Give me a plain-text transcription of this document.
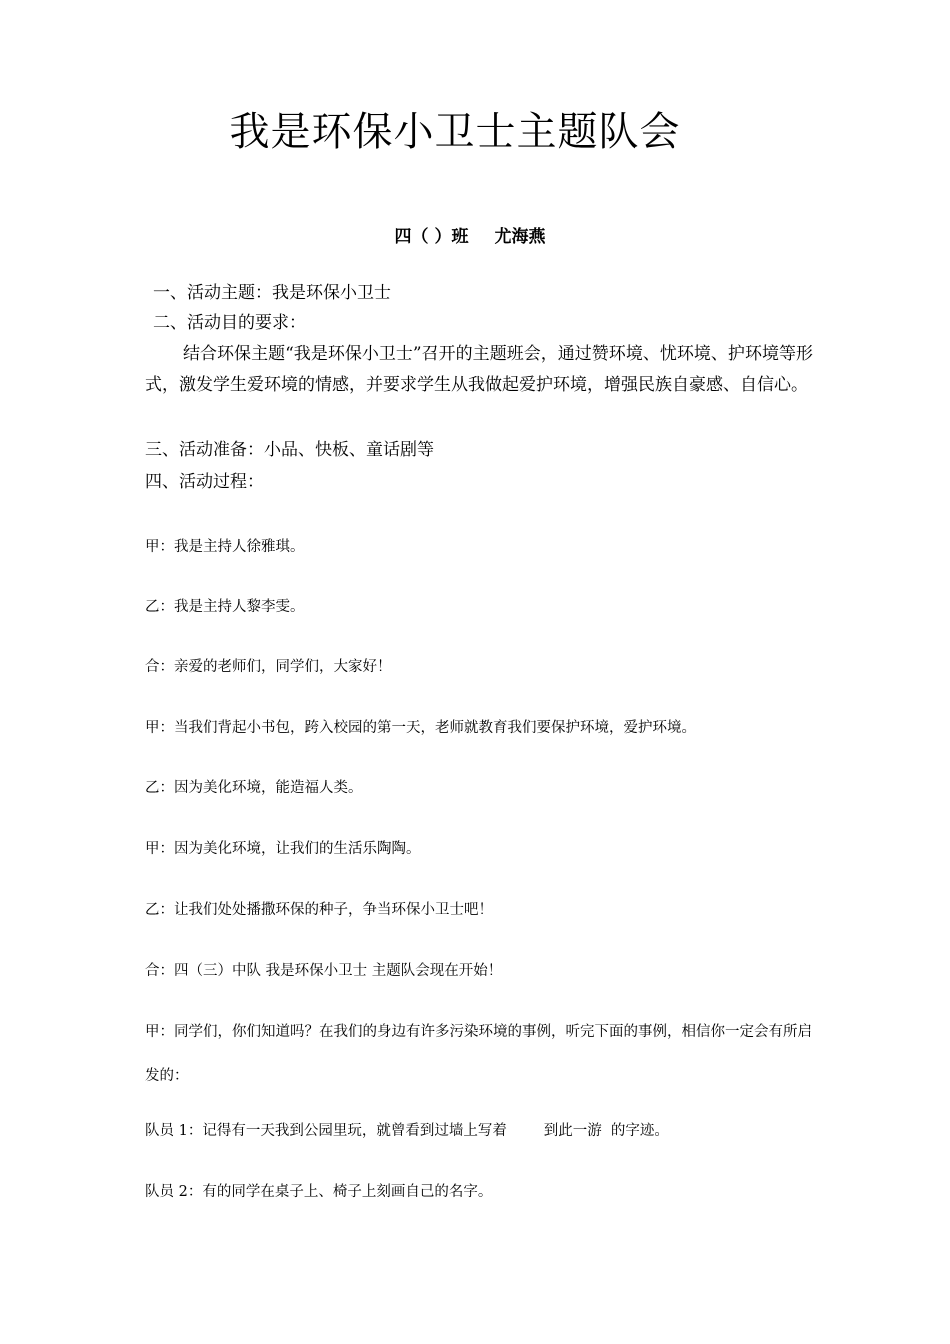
我是环保小卫士主题队会
四（ ）班 尤海燕
一、活动主题：我是环保小卫士
二、活动目的要求：
结合环保主题“我是环保小卫士”召开的主题班会，通过赞环境、忧环境、护环境等形式，激发学生爱环境的情感，并要求学生从我做起爱护环境，增强民族自豪感、自信心。
三、活动准备：小品、快板、童话剧等
四、活动过程：
甲：我是主持人徐雅琪。
乙：我是主持人黎李雯。
合：亲爱的老师们，同学们，大家好！
甲：当我们背起小书包，跨入校园的第一天，老师就教育我们要保护环境，爱护环境。
乙：因为美化环境，能造福人类。
甲：因为美化环境，让我们的生活乐陶陶。
乙：让我们处处播撒环保的种子，争当环保小卫士吧！
合：四（三）中队 我是环保小卫士 主题队会现在开始！
甲：同学们，你们知道吗？在我们的身边有许多污染环境的事例，听完下面的事例，相信你一定会有所启发的：
队员 1：记得有一天我到公园里玩，就曾看到过墙上写着        到此一游  的字迹。
队员 2：有的同学在桌子上、椅子上刻画自己的名字。
